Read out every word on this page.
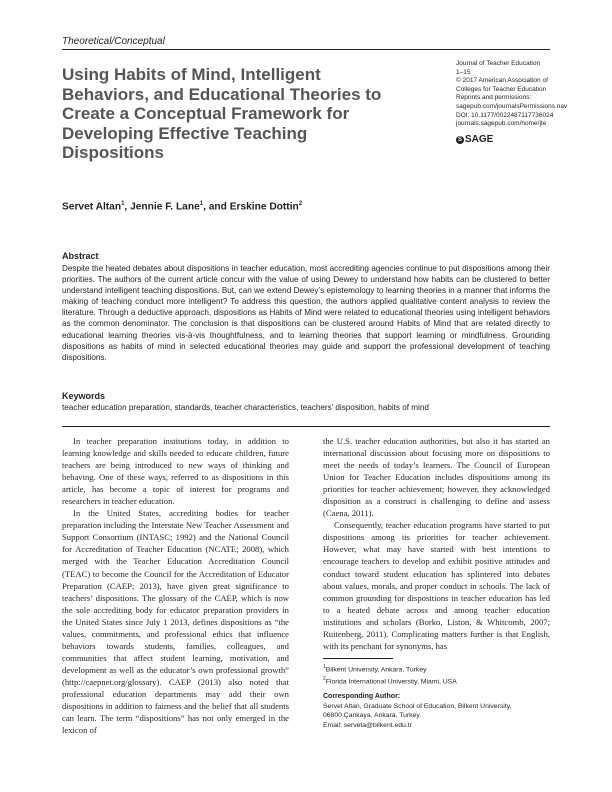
Theoretical/Conceptual
Using Habits of Mind, Intelligent Behaviors, and Educational Theories to Create a Conceptual Framework for Developing Effective Teaching Dispositions
Journal of Teacher Education
1–15
© 2017 American Association of
Colleges for Teacher Education
Reprints and permissions:
sagepub.com/journalsPermissions.nav
DOI: 10.1177/0022487117736024
journals.sagepub.com/home/jte
S SAGE
Servet Altan$^1$, Jennie F. Lane$^1$, and Erskine Dottin$^2$
Abstract
Despite the heated debates about dispositions in teacher education, most accrediting agencies continue to put dispositions among their priorities. The authors of the current article concur with the value of using Dewey to understand how habits can be clustered to better understand intelligent teaching dispositions. But, can we extend Dewey’s epistemology to learning theories in a manner that informs the making of teaching conduct more intelligent? To address this question, the authors applied qualitative content analysis to review the literature. Through a deductive approach, dispositions as Habits of Mind were related to educational theories using intelligent behaviors as the common denominator. The conclusion is that dispositions can be clustered around Habits of Mind that are related directly to educational learning theories vis-à-vis thoughtfulness, and to learning theories that support learning or mindfulness. Grounding dispositions as habits of mind in selected educational theories may guide and support the professional development of teaching dispositions.
Keywords
teacher education preparation, standards, teacher characteristics, teachers’ disposition, habits of mind

In teacher preparation institutions today, in addition to learning knowledge and skills needed to educate children, future teachers are being introduced to new ways of thinking and behaving. One of these ways, referred to as dispositions in this article, has become a topic of interest for programs and researchers in teacher education.

In the United States, accrediting bodies for teacher preparation including the Interstate New Teacher Assessment and Support Consortium (INTASC; 1992) and the National Council for Accreditation of Teacher Education (NCATE; 2008), which merged with the Teacher Education Accreditation Council (TEAC) to become the Council for the Accreditation of Educator Preparation (CAEP; 2013), have given great significance to teachers’ dispositions. The glossary of the CAEP, which is now the sole accrediting body for educator preparation providers in the United States since July 1 2013, defines dispositions as “the values, commitments, and professional ethics that influence behaviors towards students, families, colleagues, and communities that affect student learning, motivation, and development as well as the educator’s own professional growth” (http://caepnet.org/glossary). CAEP (2013) also noted that professional education departments may add their own dispositions in addition to fairness and the belief that all students can learn. The term “dispositions” has not only emerged in the lexicon of

the U.S. teacher education authorities, but also it has started an international discussion about focusing more on dispositions to meet the needs of today’s learners. The Council of European Union for Teacher Education includes dispositions among its priorities for teacher achievement; however, they acknowledged disposition as a construct is challenging to define and assess (Caena, 2011).

Consequently, teacher education programs have started to put dispositions among its priorities for teacher achievement. However, what may have started with best intentions to encourage teachers to develop and exhibit positive attitudes and conduct toward student education has splintered into debates about values, morals, and proper conduct in schools. The lack of common grounding for dispositions in teacher education has led to a heated debate across and among teacher education institutions and scholars (Borko, Liston, & Whitcomb, 2007; Ruitenberg, 2011). Complicating matters further is that English, with its penchant for synonyms, has

$^1$Bilkent University, Ankara, Turkey
$^2$Florida International University, Miami, USA
Corresponding Author:
Servet Altan, Graduate School of Education, Bilkent University,
06800 Çankaya, Ankara, Turkey.
Email: serveta@bilkent.edu.tr
